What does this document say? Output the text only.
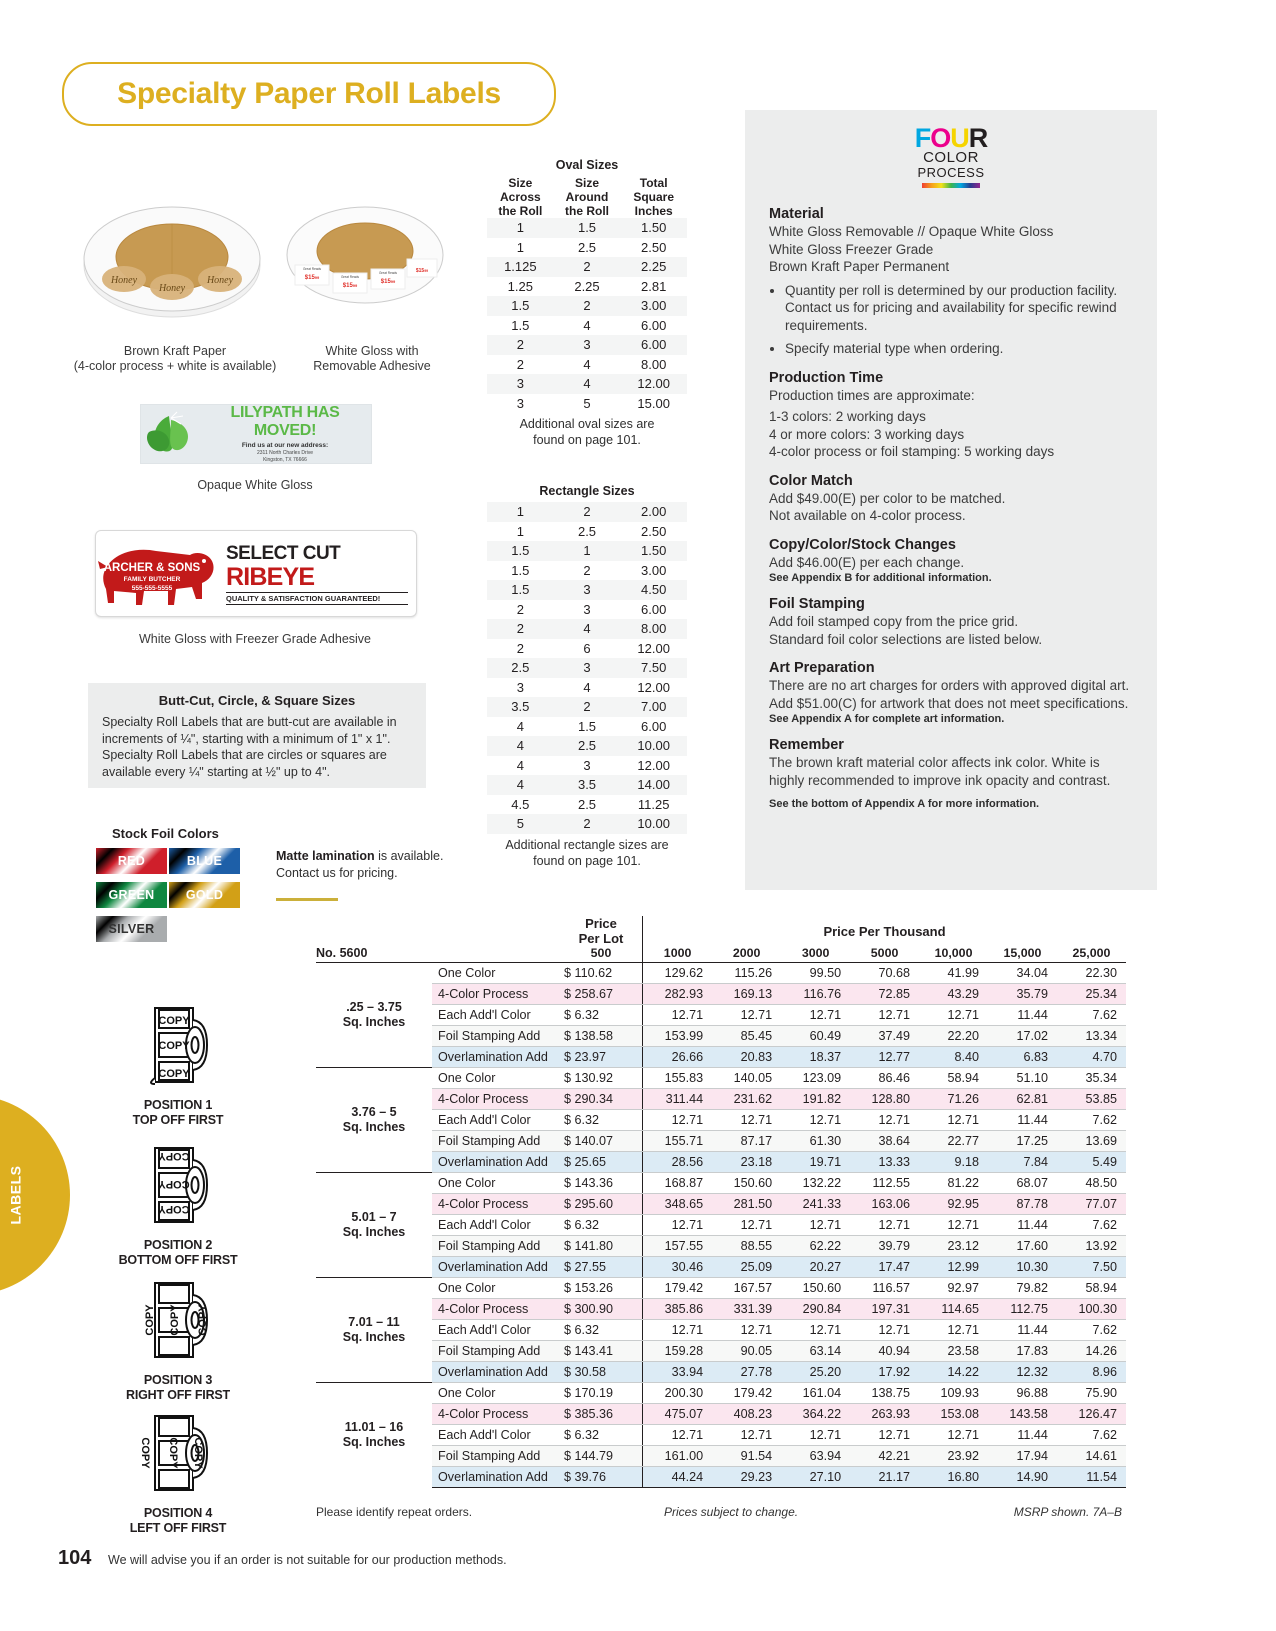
LABELS
Specialty Paper Roll Labels
Honey
Honey
Honey	$1599
$1599
$1599
$1599
Great Reads
Great Reads
Great Reads
Brown Kraft Paper
(4-color process + white is available)
White Gloss with
Removable Adhesive
LILYPATH HAS MOVED!
Find us at our new address:
2311 North Charles Drive
Kingston, TX 76666
Opaque White Gloss
ARCHER & SONS
FAMILY BUTCHER
555-555-5555
SELECT CUT
RIBEYE
QUALITY & SATISFACTION GUARANTEED!
White Gloss with Freezer Grade Adhesive
Butt-Cut, Circle, & Square Sizes

Specialty Roll Labels that are butt-cut are available in increments of ¼", starting with a minimum of 1" x 1". Specialty Roll Labels that are circles or squares are available every ¼" starting at ½" up to 4".

Stock Foil Colors
RED	BLUEGREEN	GOLDSILVER
Matte lamination is available.
Contact us for pricing.
COPY
COPY
COPY
POSITION 1
TOP OFF FIRST
COPY
COPY
COPY
POSITION 2
BOTTOM OFF FIRST
COPY
COPY	COPY
POSITION 3
RIGHT OFF FIRST
COPY COPY
COPY
POSITION 4
LEFT OFF FIRST
Oval Sizes
Size
Across
the Roll
Size
Around
the Roll
Total
Square
Inches
1	1.5	1.50
1	2.5	2.50
1.125	2	2.25
1.25	2.25	2.81
1.5	2	3.00
1.5	4	6.00
2	3	6.00
2	4	8.00
3	4	12.00
3	5	15.00
Additional oval sizes are
found on page 101.
Rectangle Sizes
1	2	2.00
1	2.5	2.50
1.5	1	1.50
1.5	2	3.00
1.5	3	4.50
2	3	6.00
2	4	8.00
2	6	12.00
2.5	3	7.50
3	4	12.00
3.5	2	7.00
4	1.5	6.00
4	2.5	10.00
4	3	12.00
4	3.5	14.00
4.5	2.5	11.25
5	2	10.00
Additional rectangle sizes are
found on page 101.
FOUR
COLOR
PROCESS
Material

White Gloss Removable // Opaque White Gloss

White Gloss Freezer Grade

Brown Kraft Paper Permanent

• Quantity per roll is determined by our production facility. Contact us for pricing and availability for specific rewind requirements.
• Specify material type when ordering.
Production Time

Production times are approximate:

1-3 colors: 2 working days

4 or more colors: 3 working days

4-color process or foil stamping: 5 working days

Color Match

Add $49.00(E) per color to be matched.

Not available on 4-color process.

Copy/Color/Stock Changes

Add $46.00(E) per each change.

See Appendix B for additional information.
Foil Stamping

Add foil stamped copy from the price grid.

Standard foil color selections are listed below.

Art Preparation

There are no art charges for orders with approved digital art. Add $51.00(C) for artwork that does not meet specifications.

See Appendix A for complete art information.
Remember

The brown kraft material color affects ink color. White is highly recommended to improve ink opacity and contrast.

See the bottom of Appendix A for more information.

		Price
Per Lot	Price Per Thousand						
No. 5600		500	1000	2000	3000	5000	10,000	15,000	25,000

.25 – 3.75
Sq. Inches	One Color	$ 110.62	129.62	115.26	99.50	70.68	41.99	34.04	22.30
	4-Color Process	$ 258.67	282.93	169.13	116.76	72.85	43.29	35.79	25.34
	Each Add'l Color	$ 6.32	12.71	12.71	12.71	12.71	12.71	11.44	7.62
	Foil Stamping Add	$ 138.58	153.99	85.45	60.49	37.49	22.20	17.02	13.34
	Overlamination Add	$ 23.97	26.66	20.83	18.37	12.77	8.40	6.83	4.70

3.76 – 5
Sq. Inches	One Color	$ 130.92	155.83	140.05	123.09	86.46	58.94	51.10	35.34
	4-Color Process	$ 290.34	311.44	231.62	191.82	128.80	71.26	62.81	53.85
	Each Add'l Color	$ 6.32	12.71	12.71	12.71	12.71	12.71	11.44	7.62
	Foil Stamping Add	$ 140.07	155.71	87.17	61.30	38.64	22.77	17.25	13.69
	Overlamination Add	$ 25.65	28.56	23.18	19.71	13.33	9.18	7.84	5.49

5.01 – 7
Sq. Inches	One Color	$ 143.36	168.87	150.60	132.22	112.55	81.22	68.07	48.50
	4-Color Process	$ 295.60	348.65	281.50	241.33	163.06	92.95	87.78	77.07
	Each Add'l Color	$ 6.32	12.71	12.71	12.71	12.71	12.71	11.44	7.62
	Foil Stamping Add	$ 141.80	157.55	88.55	62.22	39.79	23.12	17.60	13.92
	Overlamination Add	$ 27.55	30.46	25.09	20.27	17.47	12.99	10.30	7.50

7.01 – 11
Sq. Inches	One Color	$ 153.26	179.42	167.57	150.60	116.57	92.97	79.82	58.94
	4-Color Process	$ 300.90	385.86	331.39	290.84	197.31	114.65	112.75	100.30
	Each Add'l Color	$ 6.32	12.71	12.71	12.71	12.71	12.71	11.44	7.62
	Foil Stamping Add	$ 143.41	159.28	90.05	63.14	40.94	23.58	17.83	14.26
	Overlamination Add	$ 30.58	33.94	27.78	25.20	17.92	14.22	12.32	8.96

11.01 – 16
Sq. Inches	One Color	$ 170.19	200.30	179.42	161.04	138.75	109.93	96.88	75.90
	4-Color Process	$ 385.36	475.07	408.23	364.22	263.93	153.08	143.58	126.47
	Each Add'l Color	$ 6.32	12.71	12.71	12.71	12.71	12.71	11.44	7.62
	Foil Stamping Add	$ 144.79	161.00	91.54	63.94	42.21	23.92	17.94	14.61
	Overlamination Add	$ 39.76	44.24	29.23	27.10	21.17	16.80	14.90	11.54
Please identify repeat orders.	Prices subject to change.	MSRP shown. 7A–B
104 We will advise you if an order is not suitable for our production methods.
